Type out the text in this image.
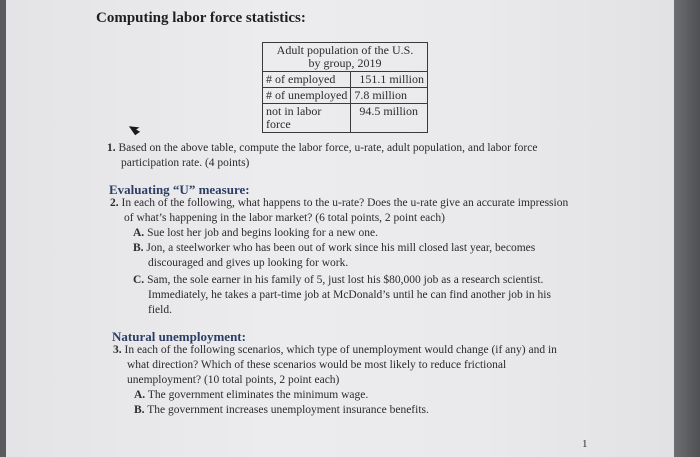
Computing labor force statistics:
Adult population of the U.S.
by group, 2019	

# of employed	151.1 million
# of unemployed	7.8 million

not in labor
force	94.5 million
1. Based on the above table, compute the labor force, u-rate, adult population, and labor force
participation rate. (4 points)
Evaluating “U” measure:
2. In each of the following, what happens to the u-rate? Does the u-rate give an accurate impression
of what’s happening in the labor market? (6 total points, 2 point each)
A. Sue lost her job and begins looking for a new one.
B. Jon, a steelworker who has been out of work since his mill closed last year, becomes
discouraged and gives up looking for work.
C. Sam, the sole earner in his family of 5, just lost his $80,000 job as a research scientist.
Immediately, he takes a part-time job at McDonald’s until he can find another job in his
field.
Natural unemployment:
3. In each of the following scenarios, which type of unemployment would change (if any) and in
what direction? Which of these scenarios would be most likely to reduce frictional
unemployment? (10 total points, 2 point each)
A. The government eliminates the minimum wage.
B. The government increases unemployment insurance benefits.
1
